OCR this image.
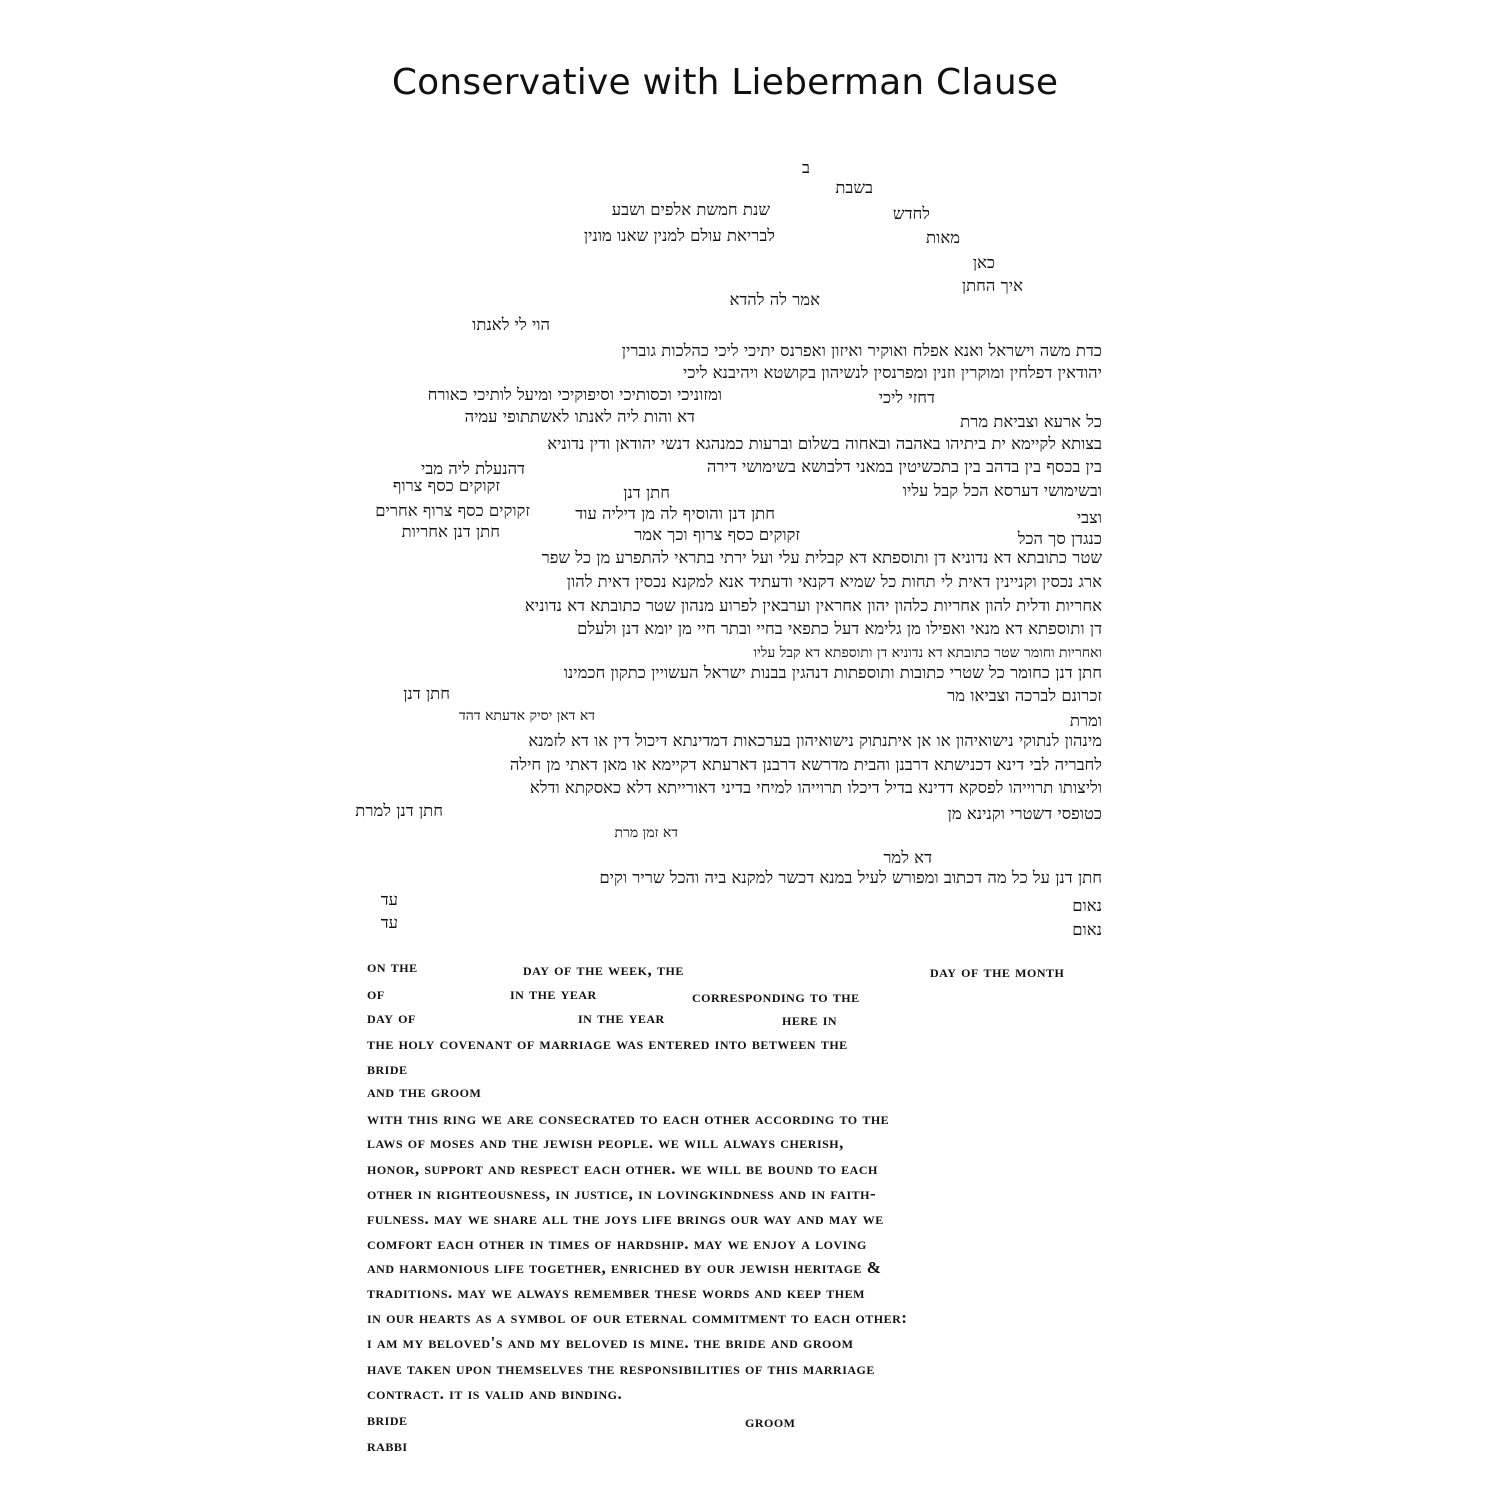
Conservative with Lieberman Clause
ב
בשבת
לחדש
שנת חמשת אלפים ושבע
מאות
לבריאת עולם למנין שאנו מונין
כאן
איך החתן
אמר לה להדא
הוי לי לאנתו
כדת משה וישראל ואנא אפלח ואוקיר ואיזון ואפרנס יתיכי ליכי כהלכות גוברין
יהודאין דפלחין ומוקרין וזנין ומפרנסין לנשיהון בקושטא ויהיבנא ליכי
דחזי ליכי
ומזוניכי וכסותיכי וסיפוקיכי ומיעל לותיכי כאורח
כל ארעא וצביאת מרת
דא והות ליה לאנתו לאשתתופי עמיה
בצותא לקיימא ית ביתיהו באהבה ובאחוה בשלום וברעות כמנהגא דנשי יהודאן ודין נדוניא
דהנעלת ליה מבי	בין בכסף בין בדהב בין בתכשיטין במאני דלבושא בשימושי דירה
ובשימושי דערסא הכל קבל עליו
חתן דנן
זקוקים כסף צרוף
וצבי
חתן דנן והוסיף לה מן דיליה עוד
זקוקים כסף צרוף אחרים
כנגדן סך הכל
זקוקים כסף צרוף וכך אמר
חתן דנן אחריות
שטר כתובתא דא נדוניא דן ותוספתא דא קבלית עלי ועל ירתי בתראי להתפרע מן כל שפר
ארג נכסין וקניינין דאית לי תחות כל שמיא דקנאי ודעתיד אנא למקנא נכסין דאית להון
אחריות ודלית להון אחריות כלהון יהון אחראין וערבאין לפרוע מנהון שטר כתובתא דא נדוניא
דן ותוספתא דא מנאי ואפילו מן גלימא דעל כתפאי בחיי ובתר חיי מן יומא דנן ולעלם
ואחריות וחומר שטר כתובתא דא נדוניא דן ותוספתא דא קבל עליו
חתן דנן כחומר כל שטרי כתובות ותוספתות דנהגין בבנות ישראל העשויין כתקון חכמינו
זכרונם לברכה וצביאו מר
חתן דנן
ומרת
דא דאן יסיק אדעתא דהד
מינהון לנתוקי נישואיהון או אן איתנתוק נישואיהון בערכאות דמדינתא דיכול דין או דא לזמנא
לחבריה לבי דינא דכנישתא דרבנן והבית מדרשא דרבנן דארעתא דקיימא או מאן דאתי מן חילה
וליצותו תרוייהו לפסקא דדינא בדיל דיכלו תרוייהו למיחי בדיני דאורייתא דלא כאסקתא ודלא
כטופסי דשטרי וקנינא מן
חתן דנן למרת
דא זמן מרת
דא למר
חתן דנן על כל מה דכתוב ומפורש לעיל במנא דכשר למקנא ביה והכל שריר וקים
נאום
עד
נאום
עד
on the	day of the week, the	day of the month
of	in the year	corresponding to the
day of	in the year	here in
the holy covenant of marriage was entered into between the
bride
and the groom
with this ring we are consecrated to each other according to the
laws of moses and the jewish people. we will always cherish,
honor, support and respect each other. we will be bound to each
other in righteousness, in justice, in lovingkindness and in faith-
fulness. may we share all the joys life brings our way and may we
comfort each other in times of hardship. may we enjoy a loving
and harmonious life together, enriched by our jewish heritage &
traditions. may we always remember these words and keep them
in our hearts as a symbol of our eternal commitment to each other:
i am my beloved's and my beloved is mine. the bride and groom
have taken upon themselves the responsibilities of this marriage
contract. it is valid and binding.
bride	groom
rabbi
